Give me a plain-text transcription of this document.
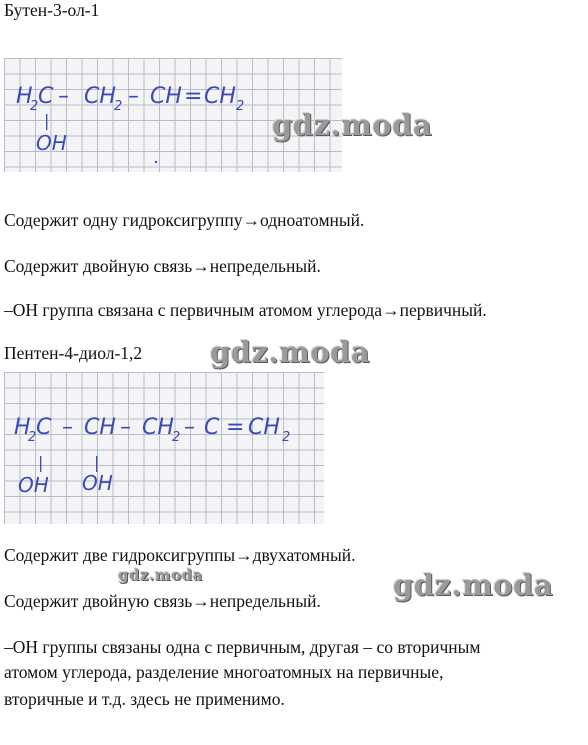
Бутен-3-ол-1

H
2 C – CH
2 – CH = CH 2
|
OH

Содержит одну гидроксигруппу→одноатомный.

Содержит двойную связь→непредельный.

–OH группа связана с первичным атомом углерода→первичный.

Пентен-4-диол-1,2

H
2 C – CH – CH
2 – C = CH 2
|
OH
|
OH

Содержит две гидроксигруппы→двухатомный.

Содержит двойную связь→непредельный.

–OH группы связаны одна с первичным, другая – со вторичным

атомом углерода, разделение многоатомных на первичные,

вторичные и т.д. здесь не применимо.

gdz.moda
gdz.moda
gdz.moda	gdz.moda
